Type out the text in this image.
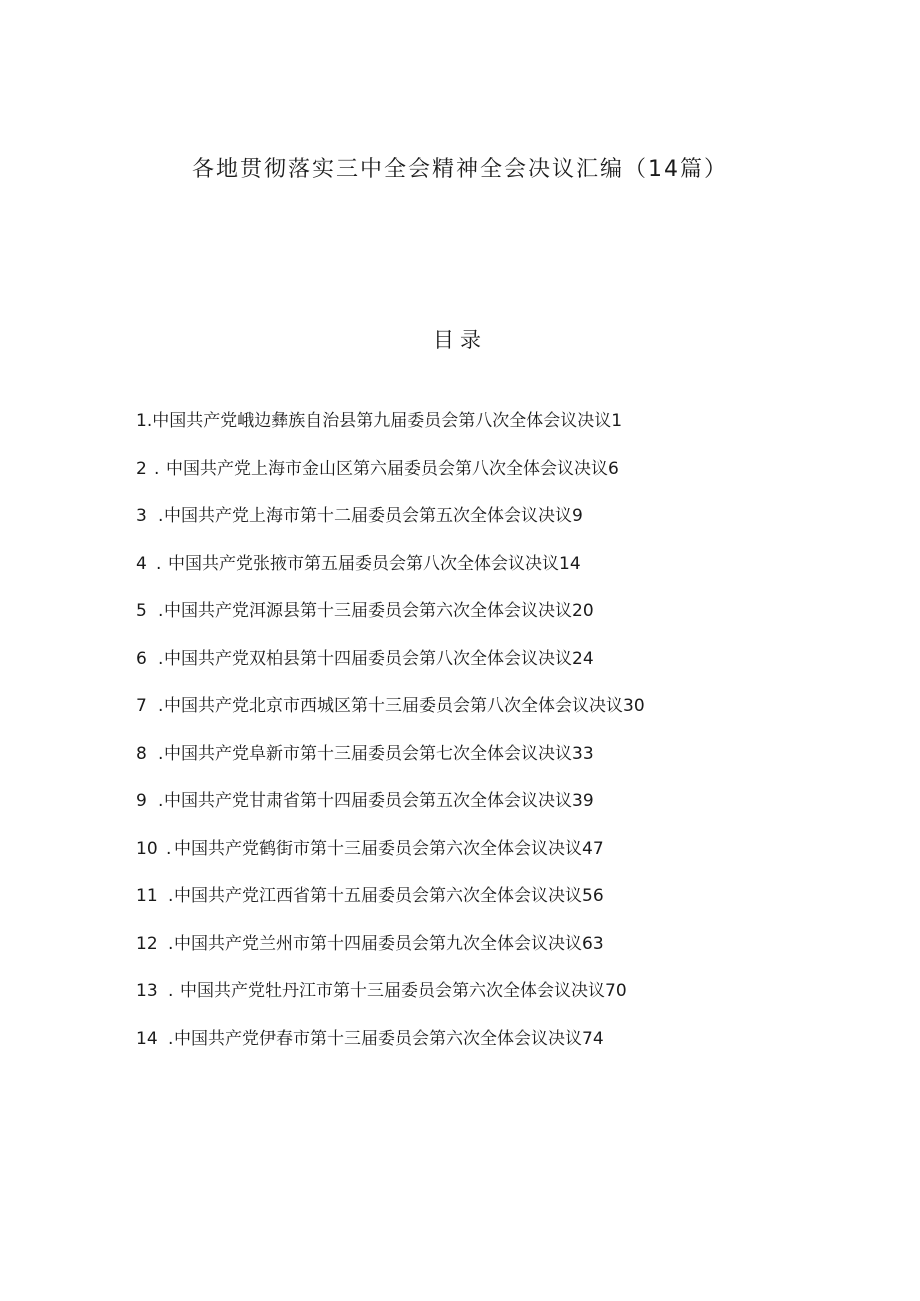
各地贯彻落实三中全会精神全会决议汇编（14篇）
目录
1.中国共产党峨边彝族自治县第九届委员会第八次全体会议决议1
2 . 中国共产党上海市金山区第六届委员会第八次全体会议决议6
3 .中国共产党上海市第十二届委员会第五次全体会议决议9
4 . 中国共产党张掖市第五届委员会第八次全体会议决议14
5 .中国共产党洱源县第十三届委员会第六次全体会议决议20
6 .中国共产党双柏县第十四届委员会第八次全体会议决议24
7 .中国共产党北京市西城区第十三届委员会第八次全体会议决议30
8 .中国共产党阜新市第十三届委员会第七次全体会议决议33
9 .中国共产党甘肃省第十四届委员会第五次全体会议决议39
10 . 中国共产党鹤街市第十三届委员会第六次全体会议决议47
11 .中国共产党江西省第十五届委员会第六次全体会议决议56
12 .中国共产党兰州市第十四届委员会第九次全体会议决议63
13 . 中国共产党牡丹江市第十三届委员会第六次全体会议决议70
14 .中国共产党伊春市第十三届委员会第六次全体会议决议74
